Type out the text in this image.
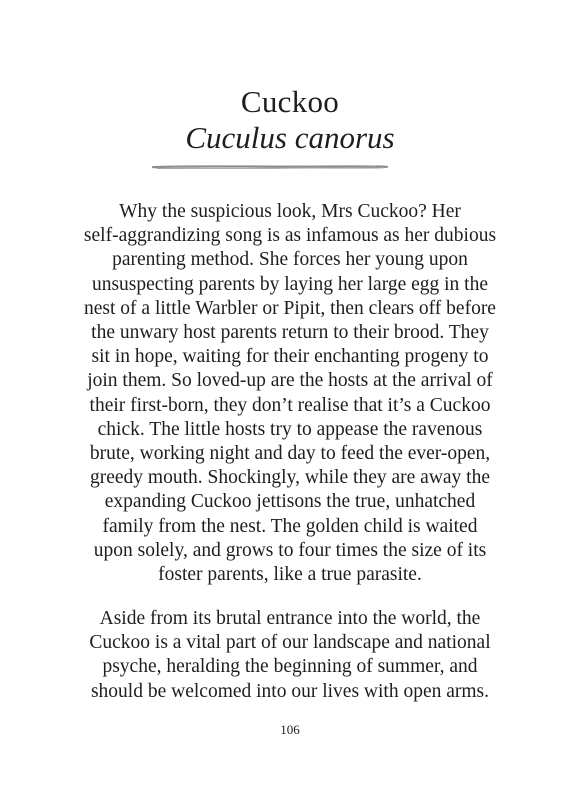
Cuckoo
Cuculus canorus
Why the suspicious look, Mrs Cuckoo? Her
self-aggrandizing song is as infamous as her dubious
parenting method. She forces her young upon
unsuspecting parents by laying her large egg in the
nest of a little Warbler or Pipit, then clears off before
the unwary host parents return to their brood. They
sit in hope, waiting for their enchanting progeny to
join them. So loved-up are the hosts at the arrival of
their first-born, they don’t realise that it’s a Cuckoo
chick. The little hosts try to appease the ravenous
brute, working night and day to feed the ever-open,
greedy mouth. Shockingly, while they are away the
expanding Cuckoo jettisons the true, unhatched
family from the nest. The golden child is waited
upon solely, and grows to four times the size of its
foster parents, like a true parasite.
Aside from its brutal entrance into the world, the
Cuckoo is a vital part of our landscape and national
psyche, heralding the beginning of summer, and
should be welcomed into our lives with open arms.
106
